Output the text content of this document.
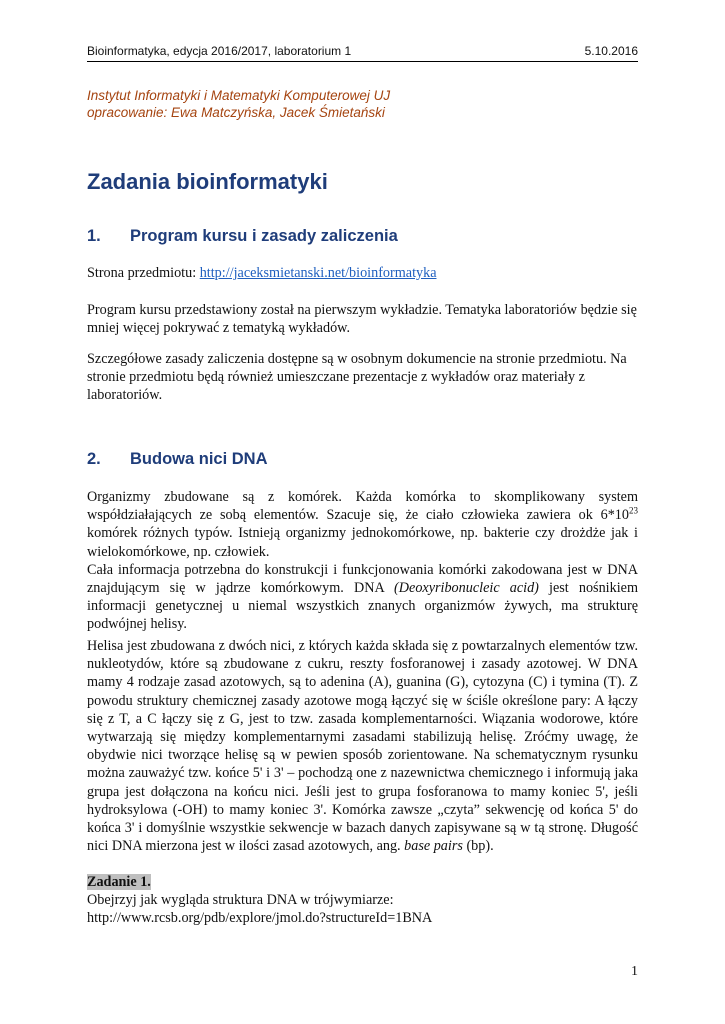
Bioinformatyka, edycja 2016/2017, laboratorium 1	5.10.2016
Instytut Informatyki i Matematyki Komputerowej UJ
opracowanie: Ewa Matczyńska, Jacek Śmietański
Zadania bioinformatyki
1. Program kursu i zasady zaliczenia

Strona przedmiotu: http://jaceksmietanski.net/bioinformatyka

Program kursu przedstawiony został na pierwszym wykładzie. Tematyka laboratoriów będzie się mniej więcej pokrywać z tematyką wykładów.

Szczegółowe zasady zaliczenia dostępne są w osobnym dokumencie na stronie przedmiotu. Na stronie przedmiotu będą również umieszczane prezentacje z wykładów oraz materiały z laboratoriów.

2. Budowa nici DNA
Organizmy zbudowane są z komórek. Każda komórka to skomplikowany system współdziałających ze sobą elementów. Szacuje się, że ciało człowieka zawiera ok $6*10^{23}$ komórek różnych typów. Istnieją organizmy jednokomórkowe, np. bakterie czy drożdże jak i wielokomórkowe, np. człowiek.
Cała informacja potrzebna do konstrukcji i funkcjonowania komórki zakodowana jest w DNA znajdującym się w jądrze komórkowym. DNA (Deoxyribonucleic acid) jest nośnikiem informacji genetycznej u niemal wszystkich znanych organizmów żywych, ma strukturę podwójnej helisy.

Helisa jest zbudowana z dwóch nici, z których każda składa się z powtarzalnych elementów tzw. nukleotydów, które są zbudowane z cukru, reszty fosforanowej i zasady azotowej. W DNA mamy 4 rodzaje zasad azotowych, są to adenina (A), guanina (G), cytozyna (C) i tymina (T). Z powodu struktury chemicznej zasady azotowe mogą łączyć się w ściśle określone pary: A łączy się z T, a C łączy się z G, jest to tzw. zasada komplementarności. Wiązania wodorowe, które wytwarzają się między komplementarnymi zasadami stabilizują helisę. Zróćmy uwagę, że obydwie nici tworzące helisę są w pewien sposób zorientowane. Na schematycznym rysunku można zauważyć tzw. końce 5' i 3' – pochodzą one z nazewnictwa chemicznego i informują jaka grupa jest dołączona na końcu nici. Jeśli jest to grupa fosforanowa to mamy koniec 5', jeśli hydroksylowa (-OH) to mamy koniec 3'. Komórka zawsze „czyta” sekwencję od końca 5' do końca 3' i domyślnie wszystkie sekwencje w bazach danych zapisywane są w tą stronę. Długość nici DNA mierzona jest w ilości zasad azotowych, ang. base pairs (bp).

Zadanie 1.
Obejrzyj jak wygląda struktura DNA w trójwymiarze:
http://www.rcsb.org/pdb/explore/jmol.do?structureId=1BNA
1
